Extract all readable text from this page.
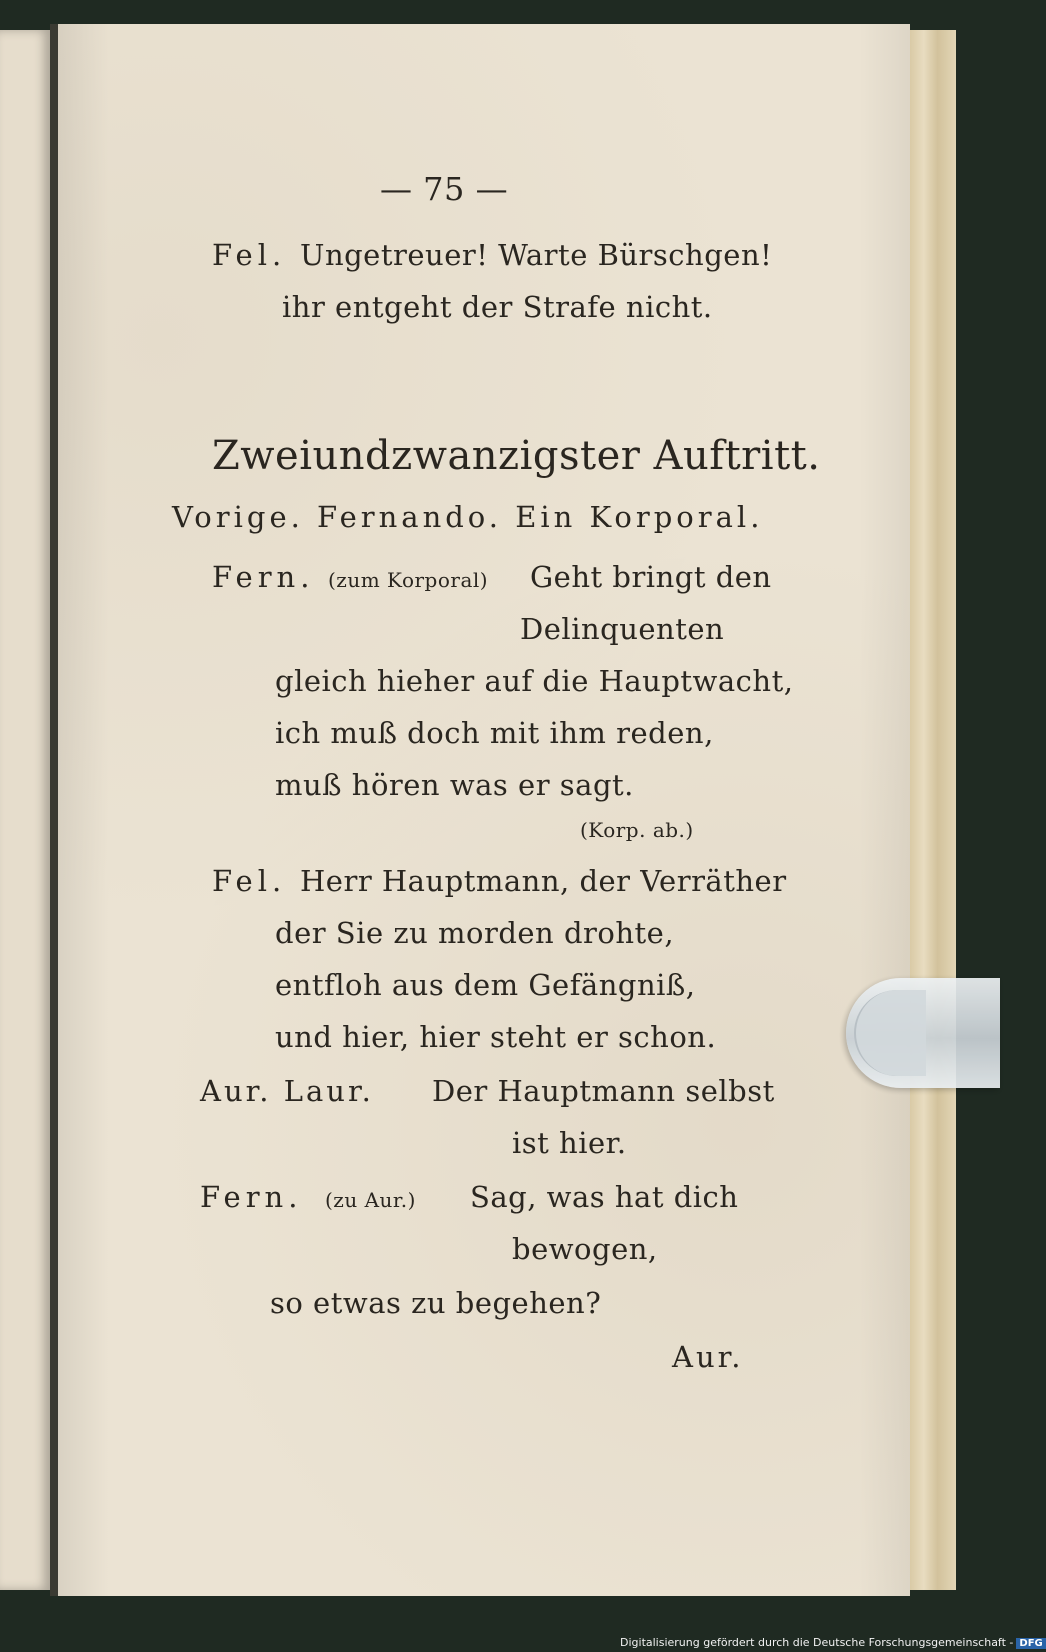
— 75 —
Fel. Ungetreuer! Warte Bürschgen!
ihr entgeht der Strafe nicht.
Zweiundzwanzigster Auftritt.
Vorige. Fernando. Ein Korporal.
Fern. (zum Korporal) Geht bringt den
Delinquenten
gleich hieher auf die Hauptwacht,
ich muß doch mit ihm reden,
muß hören was er sagt.
(Korp. ab.)
Fel. Herr Hauptmann, der Verräther
der Sie zu morden drohte,
entfloh aus dem Gefängniß,
und hier, hier steht er schon.
Aur. Laur. Der Hauptmann selbst
ist hier.
Fern. (zu Aur.) Sag, was hat dich
bewogen,
so etwas zu begehen?
Aur.
Digitalisierung gefördert durch die Deutsche Forschungsgemeinschaft - DFG
